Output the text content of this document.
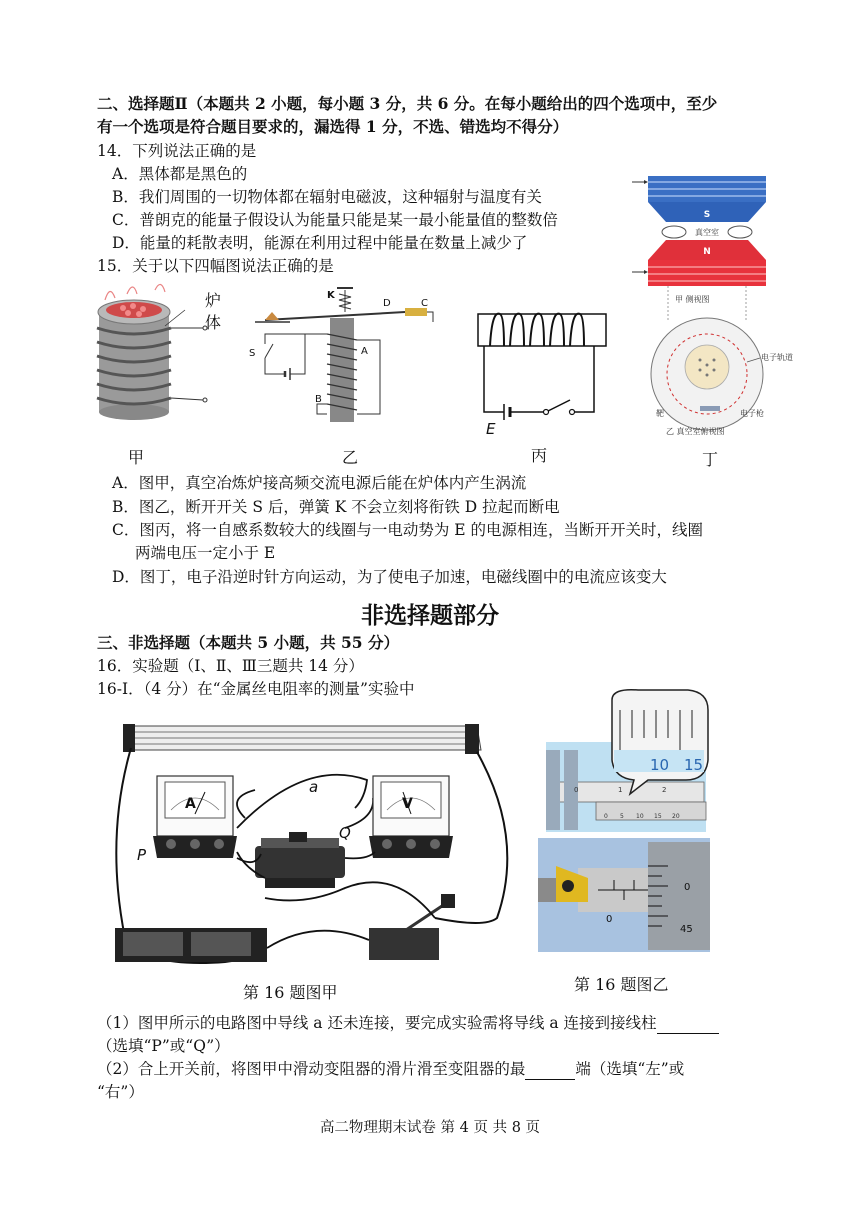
二、选择题Ⅱ（本题共 2 小题，每小题 3 分，共 6 分。在每小题给出的四个选项中，至少
有一个选项是符合题目要求的，漏选得 1 分，不选、错选均不得分）
14．下列说法正确的是
A．黑体都是黑色的
B．我们周围的一切物体都在辐射电磁波，这种辐射与温度有关
C．普朗克的能量子假设认为能量只能是某一最小能量值的整数倍
D．能量的耗散表明，能源在利用过程中能量在数量上减少了
15．关于以下四幅图说法正确的是
S
真空室
N
甲 侧视图
电子轨道
靶	电子枪
乙 真空室俯视图
炉
体
K
D	C
A
B
S
E
甲	乙	丙	丁
A．图甲，真空冶炼炉接高频交流电源后能在炉体内产生涡流
B．图乙，断开开关 S 后，弹簧 K 不会立刻将衔铁 D 拉起而断电
C．图丙，将一自感系数较大的线圈与一电动势为 E 的电源相连，当断开开关时，线圈
两端电压一定小于 E
D．图丁，电子沿逆时针方向运动，为了使电子加速，电磁线圈中的电流应该变大
非选择题部分
三、非选择题（本题共 5 小题，共 55 分）
16．实验题（Ⅰ、Ⅱ、Ⅲ三题共 14 分）
16-Ⅰ．（4 分）在“金属丝电阻率的测量”实验中
A	V
a
P
Q
0	1	2
0 5 10 15 20
10 15
0
0
45
第 16 题图甲	第 16 题图乙
（1）图甲所示的电路图中导线 a 还未连接，要完成实验需将导线 a 连接到接线柱
（选填“P”或“Q”）
（2）合上开关前，将图甲中滑动变阻器的滑片滑至变阻器的最	端（选填“左”或
“右”）
高二物理期末试卷 第 4 页 共 8 页
